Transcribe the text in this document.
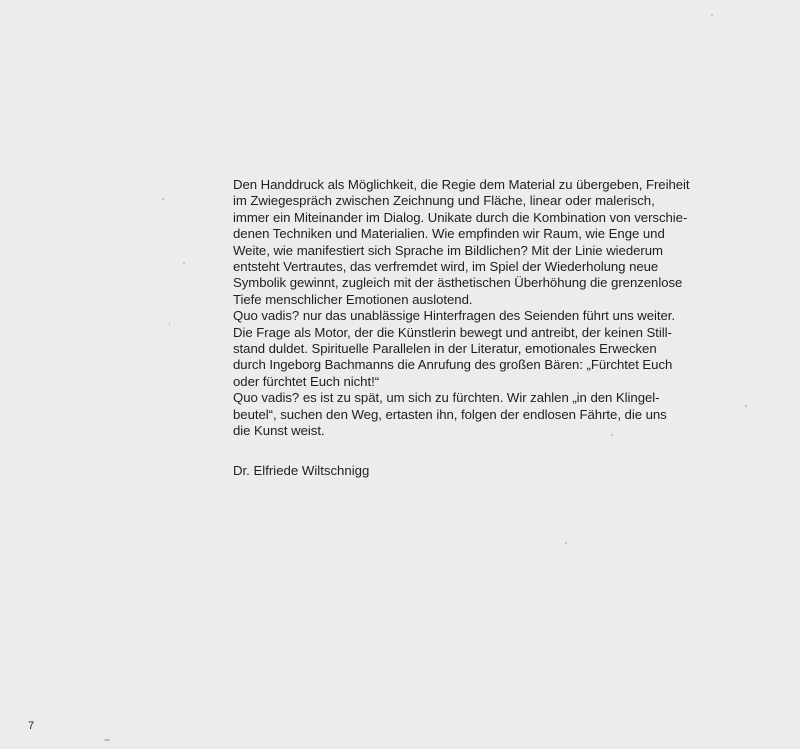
Den Handdruck als Möglichkeit, die Regie dem Material zu übergeben, Freiheit
im Zwiegespräch zwischen Zeichnung und Fläche, linear oder malerisch,
immer ein Miteinander im Dialog. Unikate durch die Kombination von verschie-
denen Techniken und Materialien. Wie empfinden wir Raum, wie Enge und
Weite, wie manifestiert sich Sprache im Bildlichen? Mit der Linie wiederum
entsteht Vertrautes, das verfremdet wird, im Spiel der Wiederholung neue
Symbolik gewinnt, zugleich mit der ästhetischen Überhöhung die grenzenlose
Tiefe menschlicher Emotionen auslotend.
Quo vadis? nur das unablässige Hinterfragen des Seienden führt uns weiter.
Die Frage als Motor, der die Künstlerin bewegt und antreibt, der keinen Still-
stand duldet. Spirituelle Parallelen in der Literatur, emotionales Erwecken
durch Ingeborg Bachmanns die Anrufung des großen Bären: „Fürchtet Euch
oder fürchtet Euch nicht!“
Quo vadis? es ist zu spät, um sich zu fürchten. Wir zahlen „in den Klingel-
beutel“, suchen den Weg, ertasten ihn, folgen der endlosen Fährte, die uns
die Kunst weist.
Dr. Elfriede Wiltschnigg
7
